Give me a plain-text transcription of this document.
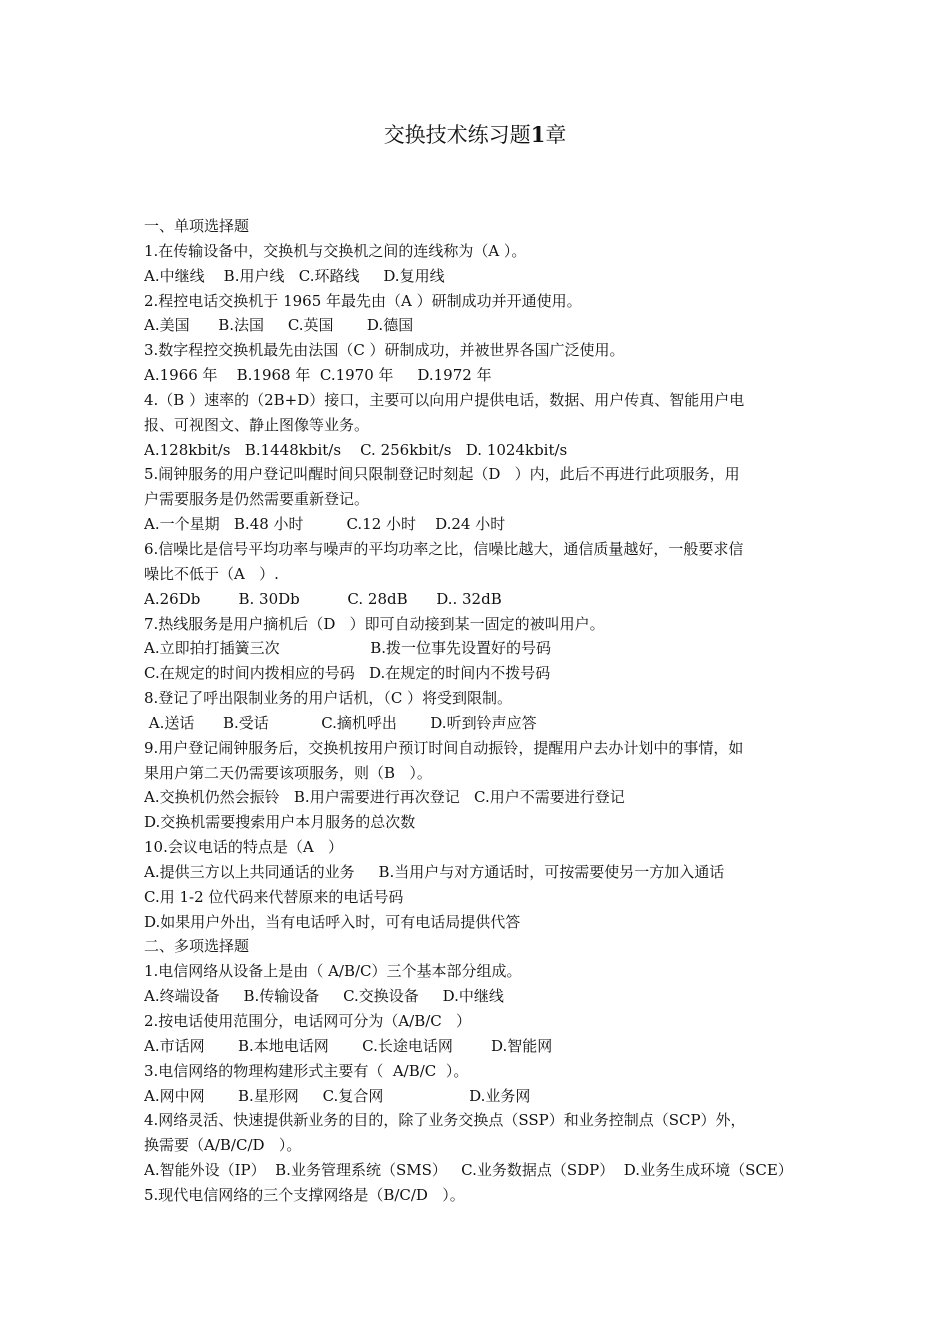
交换技术练习题1章
一、单项选择题
1.在传输设备中，交换机与交换机之间的连线称为（A ）。
A.中继线    B.用户线   C.环路线     D.复用线
2.程控电话交换机于 1965 年最先由（A ）研制成功并开通使用。
A.美国      B.法国     C.英国       D.德国
3.数字程控交换机最先由法国（C ）研制成功，并被世界各国广泛使用。
A.1966 年    B.1968 年  C.1970 年     D.1972 年
4.（B ）速率的（2B+D）接口，主要可以向用户提供电话，数据、用户传真、智能用户电
报、可视图文、静止图像等业务。
A.128kbit/s   B.1448kbit/s    C. 256kbit/s   D. 1024kbit/s
5.闹钟服务的用户登记叫醒时间只限制登记时刻起（D   ）内，此后不再进行此项服务，用
户需要服务是仍然需要重新登记。
A.一个星期   B.48 小时         C.12 小时    D.24 小时
6.信噪比是信号平均功率与噪声的平均功率之比，信噪比越大，通信质量越好，一般要求信
噪比不低于（A   ）.
A.26Db        B. 30Db          C. 28dB      D.. 32dB
7.热线服务是用户摘机后（D   ）即可自动接到某一固定的被叫用户。
A.立即拍打插簧三次                   B.拨一位事先设置好的号码
C.在规定的时间内拨相应的号码   D.在规定的时间内不拨号码
8.登记了呼出限制业务的用户话机，（C ）将受到限制。
A.送话      B.受话           C.摘机呼出       D.听到铃声应答
9.用户登记闹钟服务后，交换机按用户预订时间自动振铃，提醒用户去办计划中的事情，如
果用户第二天仍需要该项服务，则（B   ）。
A.交换机仍然会振铃   B.用户需要进行再次登记   C.用户不需要进行登记
D.交换机需要搜索用户本月服务的总次数
10.会议电话的特点是（A   ）
A.提供三方以上共同通话的业务     B.当用户与对方通话时，可按需要使另一方加入通话
C.用 1-2 位代码来代替原来的电话号码
D.如果用户外出，当有电话呼入时，可有电话局提供代答
二、多项选择题
1.电信网络从设备上是由（ A/B/C）三个基本部分组成。
A.终端设备     B.传输设备     C.交换设备     D.中继线
2.按电话使用范围分，电话网可分为（A/B/C   ）
A.市话网       B.本地电话网       C.长途电话网        D.智能网
3.电信网络的物理构建形式主要有（  A/B/C  ）。
A.网中网       B.星形网     C.复合网                  D.业务网
4.网络灵活、快速提供新业务的目的，除了业务交换点（SSP）和业务控制点（SCP）外，
换需要（A/B/C/D   ）。
A.智能外设（IP）  B.业务管理系统（SMS）   C.业务数据点（SDP）  D.业务生成环境（SCE）
5.现代电信网络的三个支撑网络是（B/C/D   ）。
